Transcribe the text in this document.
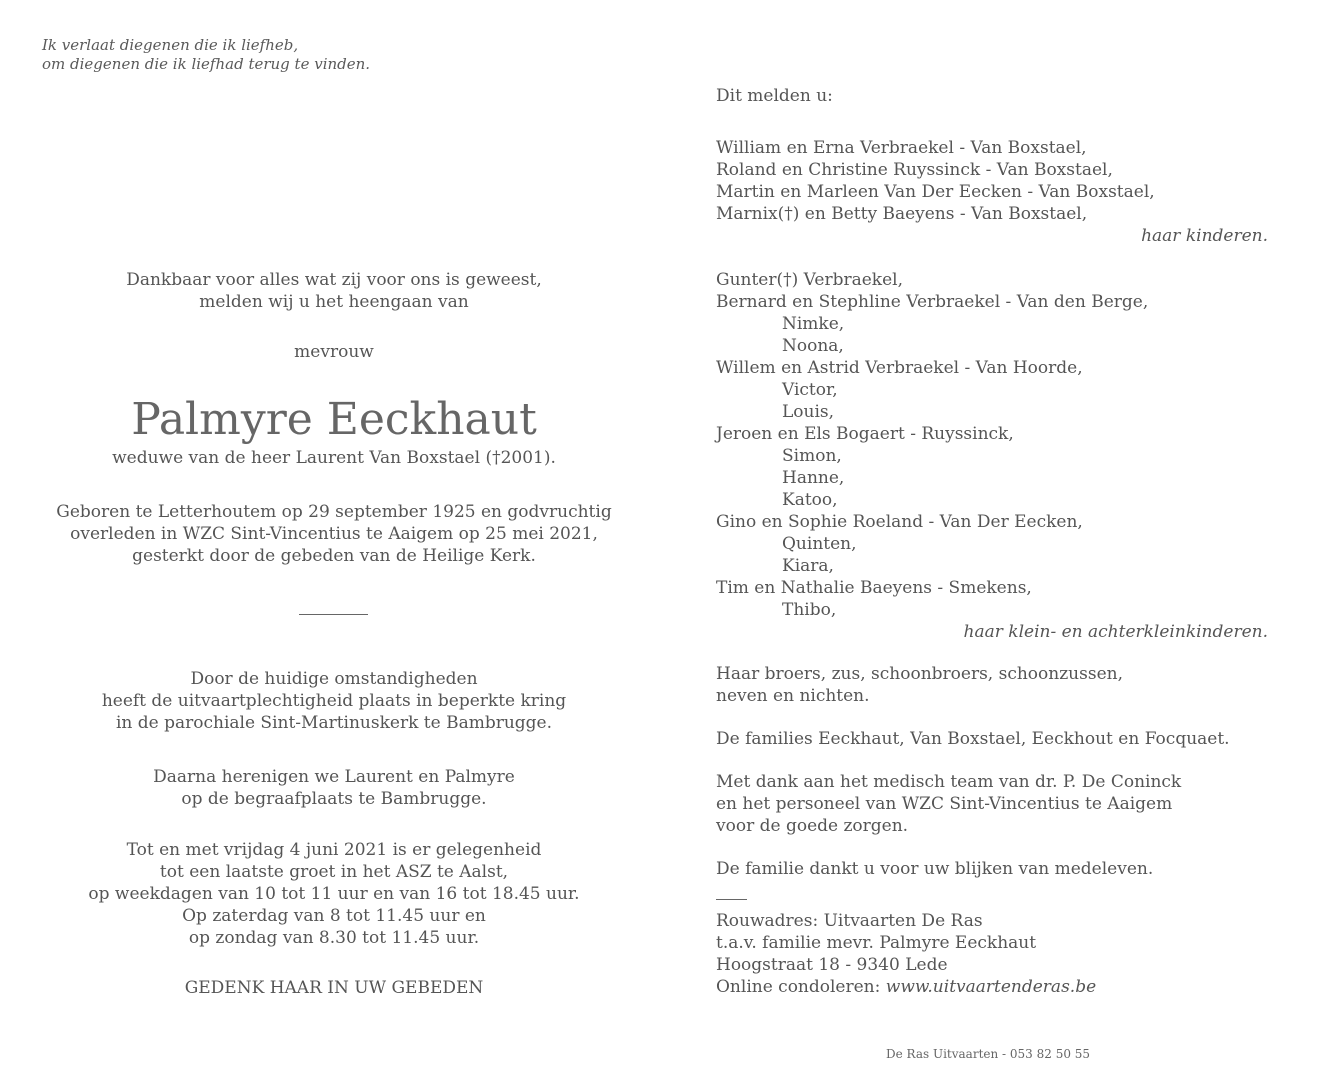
Ik verlaat diegenen die ik liefheb,
om diegenen die ik liefhad terug te vinden.
Dankbaar voor alles wat zij voor ons is geweest,
melden wij u het heengaan van
mevrouw
Palmyre Eeckhaut
weduwe van de heer Laurent Van Boxstael (†2001).
Geboren te Letterhoutem op 29 september 1925 en godvruchtig
overleden in WZC Sint-Vincentius te Aaigem op 25 mei 2021,
gesterkt door de gebeden van de Heilige Kerk.
Door de huidige omstandigheden
heeft de uitvaartplechtigheid plaats in beperkte kring
in de parochiale Sint-Martinuskerk te Bambrugge.
Daarna herenigen we Laurent en Palmyre
op de begraafplaats te Bambrugge.
Tot en met vrijdag 4 juni 2021 is er gelegenheid
tot een laatste groet in het ASZ te Aalst,
op weekdagen van 10 tot 11 uur en van 16 tot 18.45 uur.
Op zaterdag van 8 tot 11.45 uur en
op zondag van 8.30 tot 11.45 uur.
GEDENK HAAR IN UW GEBEDEN
Dit melden u:
William en Erna Verbraekel - Van Boxstael,
Roland en Christine Ruyssinck - Van Boxstael,
Martin en Marleen Van Der Eecken - Van Boxstael,
Marnix(†) en Betty Baeyens - Van Boxstael,
haar kinderen.
Gunter(†) Verbraekel,
Bernard en Stephline Verbraekel - Van den Berge,
Nimke,
Noona,
Willem en Astrid Verbraekel - Van Hoorde,
Victor,
Louis,
Jeroen en Els Bogaert - Ruyssinck,
Simon,
Hanne,
Katoo,
Gino en Sophie Roeland - Van Der Eecken,
Quinten,
Kiara,
Tim en Nathalie Baeyens - Smekens,
Thibo,
haar klein- en achterkleinkinderen.
Haar broers, zus, schoonbroers, schoonzussen,
neven en nichten.
De families Eeckhaut, Van Boxstael, Eeckhout en Focquaet.
Met dank aan het medisch team van dr. P. De Coninck
en het personeel van WZC Sint-Vincentius te Aaigem
voor de goede zorgen.
De familie dankt u voor uw blijken van medeleven.
Rouwadres: Uitvaarten De Ras
t.a.v. familie mevr. Palmyre Eeckhaut
Hoogstraat 18 - 9340 Lede
Online condoleren: www.uitvaartenderas.be
De Ras Uitvaarten - 053 82 50 55
